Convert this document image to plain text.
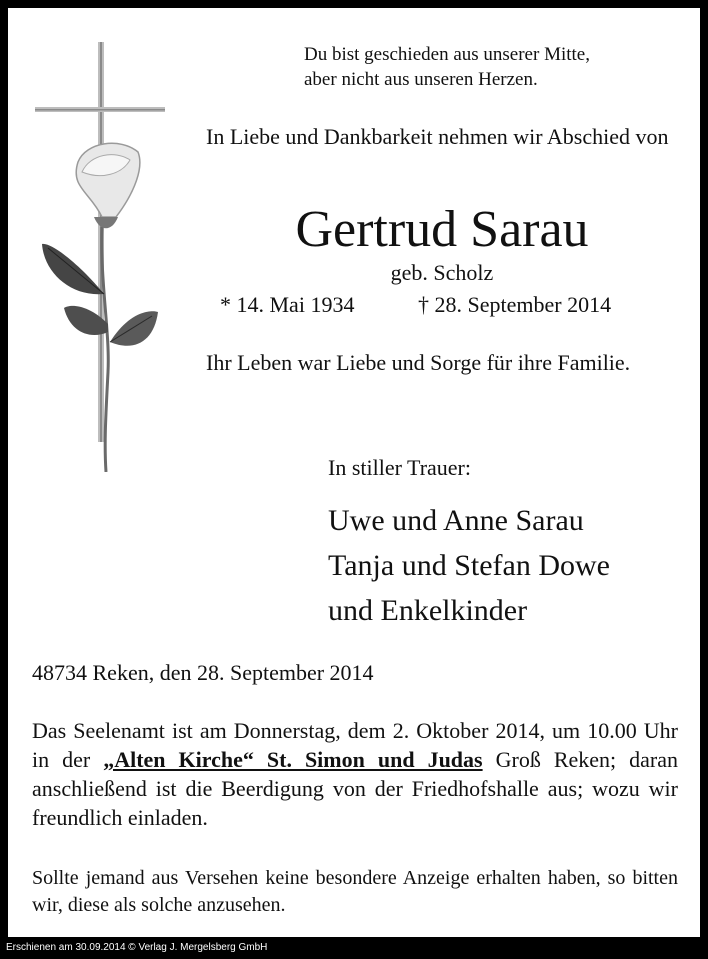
Du bist geschieden aus unserer Mitte,
aber nicht aus unseren Herzen.
In Liebe und Dankbarkeit nehmen wir Abschied von
Gertrud Sarau
geb. Scholz
* 14. Mai 1934	† 28. September 2014
Ihr Leben war Liebe und Sorge für ihre Familie.
In stiller Trauer:
Uwe und Anne Sarau
Tanja und Stefan Dowe
und Enkelkinder
48734 Reken, den 28. September 2014
Das Seelenamt ist am Donnerstag, dem 2. Oktober 2014, um 10.00 Uhr in der „Alten Kirche“ St. Simon und Judas Groß Reken; daran anschließend ist die Beerdigung von der Friedhofshalle aus; wozu wir freundlich einladen.
Sollte jemand aus Versehen keine besondere Anzeige erhalten haben, so bitten wir, diese als solche anzusehen.
Erschienen am 30.09.2014 © Verlag J. Mergelsberg GmbH
